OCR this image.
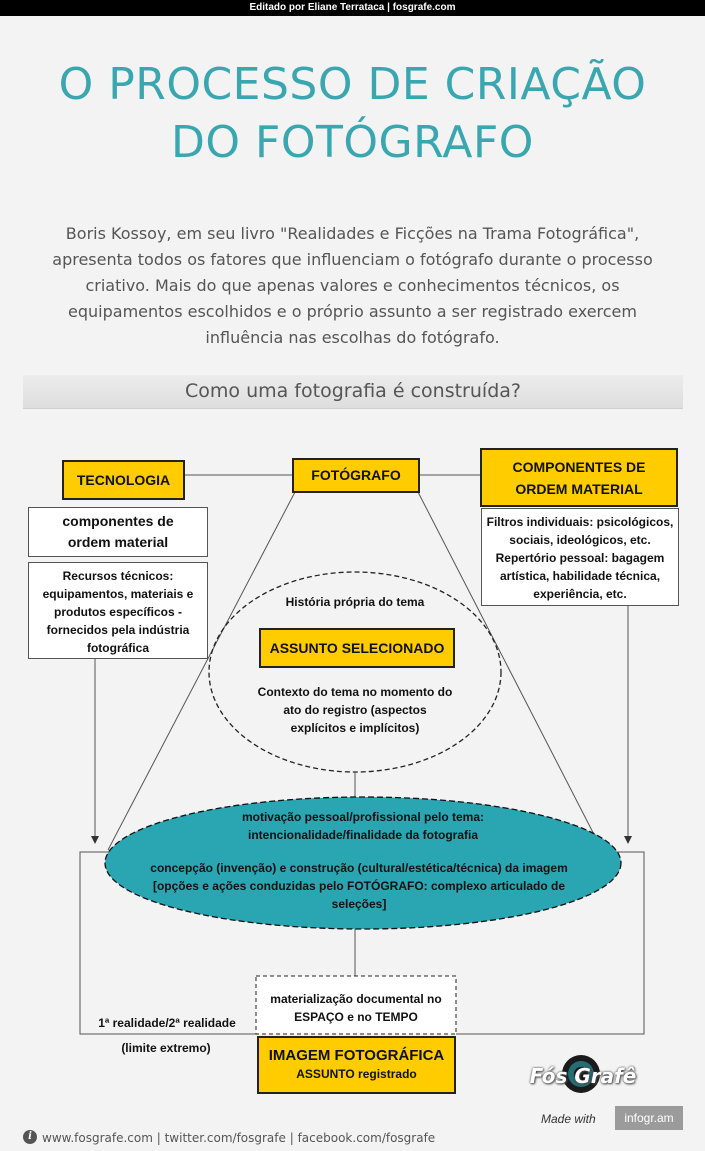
Editado por Eliane Terrataca | fosgrafe.com
O PROCESSO DE CRIAÇÃO DO FOTÓGRAFO
Boris Kossoy, em seu livro "Realidades e Ficções na Trama Fotográfica", apresenta todos os fatores que influenciam o fotógrafo durante o processo criativo. Mais do que apenas valores e conhecimentos técnicos, os equipamentos escolhidos e o próprio assunto a ser registrado exercem influência nas escolhas do fotógrafo.
Como uma fotografia é construída?
TECNOLOGIA	FOTÓGRAFO	COMPONENTES DE ORDEM MATERIAL
componentes de ordem material
Recursos técnicos: equipamentos, materiais e produtos específicos - fornecidos pela indústria fotográfica
Filtros individuais: psicológicos, sociais, ideológicos, etc. Repertório pessoal: bagagem artística, habilidade técnica, experiência, etc.
História própria do tema
ASSUNTO SELECIONADO
Contexto do tema no momento do ato do registro (aspectos explícitos e implícitos)
motivação pessoal/profissional pelo tema: intencionalidade/finalidade da fotografia
concepção (invenção) e construção (cultural/estética/técnica) da imagem [opções e ações conduzidas pelo FOTÓGRAFO: complexo articulado de seleções]
materialização documental no ESPAÇO e no TEMPO
1ª realidade/2ª realidade
(limite extremo)	IMAGEM FOTOGRÁFICA
ASSUNTO registrado	Fós Grafê
Made with	infogr.am
i www.fosgrafe.com | twitter.com/fosgrafe | facebook.com/fosgrafe
